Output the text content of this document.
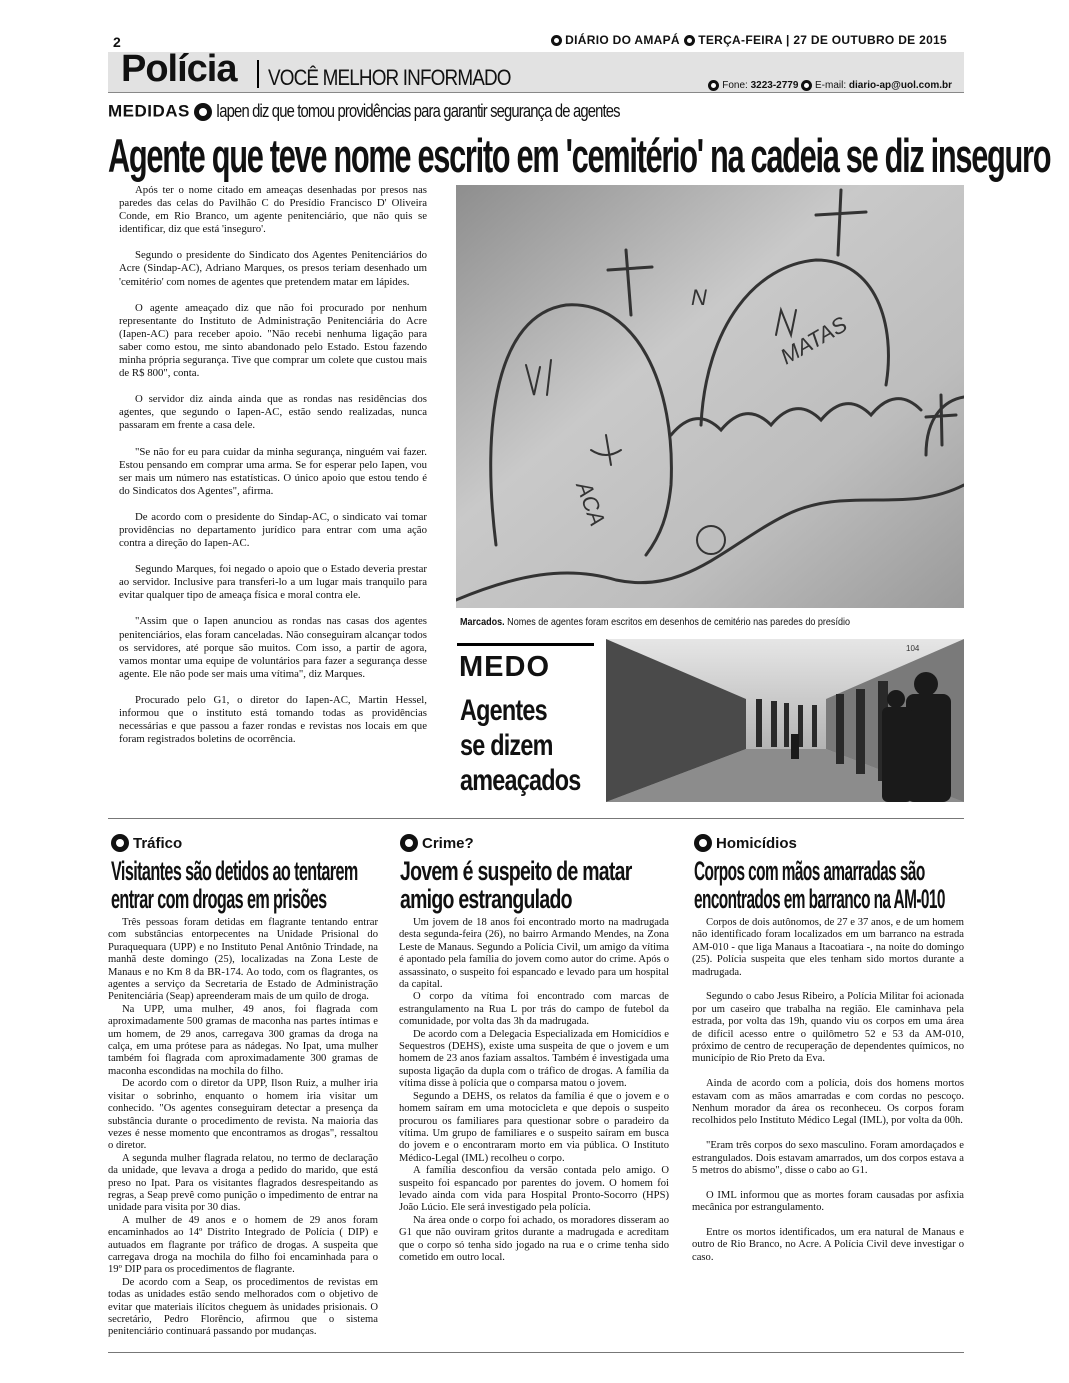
2	DIÁRIO DO AMAPÁ TERÇA-FEIRA | 27 DE OUTUBRO DE 2015
Polícia VOCÊ MELHOR INFORMADO	Fone: 3223-2779 E-mail: diario-ap@uol.com.br
MEDIDAS Iapen diz que tomou providências para garantir segurança de agentes
Agente que teve nome escrito em 'cemitério' na cadeia se diz inseguro

Após ter o nome citado em ameaças desenhadas por presos nas paredes das celas do Pavilhão C do Presídio Francisco D' Oliveira Conde, em Rio Branco, um agente penitenciário, que não quis se identificar, diz que está 'inseguro'.

Segundo o presidente do Sindicato dos Agentes Penitenciários do Acre (Sindap-AC), Adriano Marques, os presos teriam desenhado um 'cemitério' com nomes de agentes que pretendem matar em lápides.

O agente ameaçado diz que não foi procurado por nenhum representante do Instituto de Administração Penitenciária do Acre (Iapen-AC) para receber apoio. "Não recebi nenhuma ligação para saber como estou, me sinto abandonado pelo Estado. Estou fazendo minha própria segurança. Tive que comprar um colete que custou mais de R$ 800", conta.

O servidor diz ainda ainda que as rondas nas residências dos agentes, que segundo o Iapen-AC, estão sendo realizadas, nunca passaram em frente a casa dele.

"Se não for eu para cuidar da minha segurança, ninguém vai fazer. Estou pensando em comprar uma arma. Se for esperar pelo Iapen, vou ser mais um número nas estatísticas. O único apoio que estou tendo é do Sindicatos dos Agentes", afirma.

De acordo com o presidente do Sindap-AC, o sindicato vai tomar providências no departamento jurídico para entrar com uma ação contra a direção do Iapen-AC.

Segundo Marques, foi negado o apoio que o Estado deveria prestar ao servidor. Inclusive para transferi-lo a um lugar mais tranquilo para evitar qualquer tipo de ameaça física e moral contra ele.

"Assim que o Iapen anunciou as rondas nas casas dos agentes penitenciários, elas foram canceladas. Não conseguiram alcançar todos os servidores, até porque são muitos. Com isso, a partir de agora, vamos montar uma equipe de voluntários para fazer a segurança desse agente. Ele não pode ser mais uma vítima", diz Marques.

Procurado pelo G1, o diretor do Iapen-AC, Martin Hessel, informou que o instituto está tomando todas as providências necessárias e que passou a fazer rondas e revistas nos locais em que foram registrados boletins de ocorrência.

N
MATAS
ACA
Marcados. Nomes de agentes foram escritos em desenhos de cemitério nas paredes do presídio
MEDO
Agentes se dizem ameaçados
104
Tráfico
Visitantes são detidos ao tentarem
entrar com drogas em prisões

Três pessoas foram detidas em flagrante tentando entrar com substâncias entorpecentes na Unidade Prisional do Puraquequara (UPP) e no Instituto Penal Antônio Trindade, na manhã deste domingo (25), localizadas na Zona Leste de Manaus e no Km 8 da BR-174. Ao todo, com os flagrantes, os agentes a serviço da Secretaria de Estado de Administração Penitenciária (Seap) apreenderam mais de um quilo de droga.

Na UPP, uma mulher, 49 anos, foi flagrada com aproximadamente 500 gramas de maconha nas partes íntimas e um homem, de 29 anos, carregava 300 gramas da droga na calça, em uma prótese para as nádegas. No Ipat, uma mulher também foi flagrada com aproximadamente 300 gramas de maconha escondidas na mochila do filho.

De acordo com o diretor da UPP, Ilson Ruiz, a mulher iria visitar o sobrinho, enquanto o homem iria visitar um conhecido. "Os agentes conseguiram detectar a presença da substância durante o procedimento de revista. Na maioria das vezes é nesse momento que encontramos as drogas", ressaltou o diretor.

A segunda mulher flagrada relatou, no termo de declaração da unidade, que levava a droga a pedido do marido, que está preso no Ipat. Para os visitantes flagrados desrespeitando as regras, a Seap prevê como punição o impedimento de entrar na unidade para visita por 30 dias.

A mulher de 49 anos e o homem de 29 anos foram encaminhados ao 14º Distrito Integrado de Polícia ( DIP) e autuados em flagrante por tráfico de drogas. A suspeita que carregava droga na mochila do filho foi encaminhada para o 19º DIP para os procedimentos de flagrante.

De acordo com a Seap, os procedimentos de revistas em todas as unidades estão sendo melhorados com o objetivo de evitar que materiais ilícitos cheguem às unidades prisionais. O secretário, Pedro Florêncio, afirmou que o sistema penitenciário continuará passando por mudanças.

Crime?
Jovem é suspeito de matar
amigo estrangulado

Um jovem de 18 anos foi encontrado morto na madrugada desta segunda-feira (26), no bairro Armando Mendes, na Zona Leste de Manaus. Segundo a Polícia Civil, um amigo da vítima é apontado pela família do jovem como autor do crime. Após o assassinato, o suspeito foi espancado e levado para um hospital da capital.

O corpo da vítima foi encontrado com marcas de estrangulamento na Rua L por trás do campo de futebol da comunidade, por volta das 3h da madrugada.

De acordo com a Delegacia Especializada em Homicídios e Sequestros (DEHS), existe uma suspeita de que o jovem e um homem de 23 anos faziam assaltos. Também é investigada uma suposta ligação da dupla com o tráfico de drogas. A família da vítima disse à polícia que o comparsa matou o jovem.

Segundo a DEHS, os relatos da família é que o jovem e o homem saíram em uma motocicleta e que depois o suspeito procurou os familiares para questionar sobre o paradeiro da vítima. Um grupo de familiares e o suspeito saíram em busca do jovem e o encontraram morto em via pública. O Instituto Médico-Legal (IML) recolheu o corpo.

A família desconfiou da versão contada pelo amigo. O suspeito foi espancado por parentes do jovem. O homem foi levado ainda com vida para Hospital Pronto-Socorro (HPS) João Lúcio. Ele será investigado pela polícia.

Na área onde o corpo foi achado, os moradores disseram ao G1 que não ouviram gritos durante a madrugada e acreditam que o corpo só tenha sido jogado na rua e o crime tenha sido cometido em outro local.

Homicídios
Corpos com mãos amarradas são
encontrados em barranco na AM-010

Corpos de dois autônomos, de 27 e 37 anos, e de um homem não identificado foram localizados em um barranco na estrada AM-010 - que liga Manaus a Itacoatiara -, na noite do domingo (25). Polícia suspeita que eles tenham sido mortos durante a madrugada.

Segundo o cabo Jesus Ribeiro, a Polícia Militar foi acionada por um caseiro que trabalha na região. Ele caminhava pela estrada, por volta das 19h, quando viu os corpos em uma área de difícil acesso entre o quilômetro 52 e 53 da AM-010, próximo de centro de recuperação de dependentes químicos, no município de Rio Preto da Eva.

Ainda de acordo com a polícia, dois dos homens mortos estavam com as mãos amarradas e com cordas no pescoço. Nenhum morador da área os reconheceu. Os corpos foram recolhidos pelo Instituto Médico Legal (IML), por volta da 00h.

"Eram três corpos do sexo masculino. Foram amordaçados e estrangulados. Dois estavam amarrados, um dos corpos estava a 5 metros do abismo", disse o cabo ao G1.

O IML informou que as mortes foram causadas por asfixia mecânica por estrangulamento.

Entre os mortos identificados, um era natural de Manaus e outro de Rio Branco, no Acre. A Polícia Civil deve investigar o caso.
